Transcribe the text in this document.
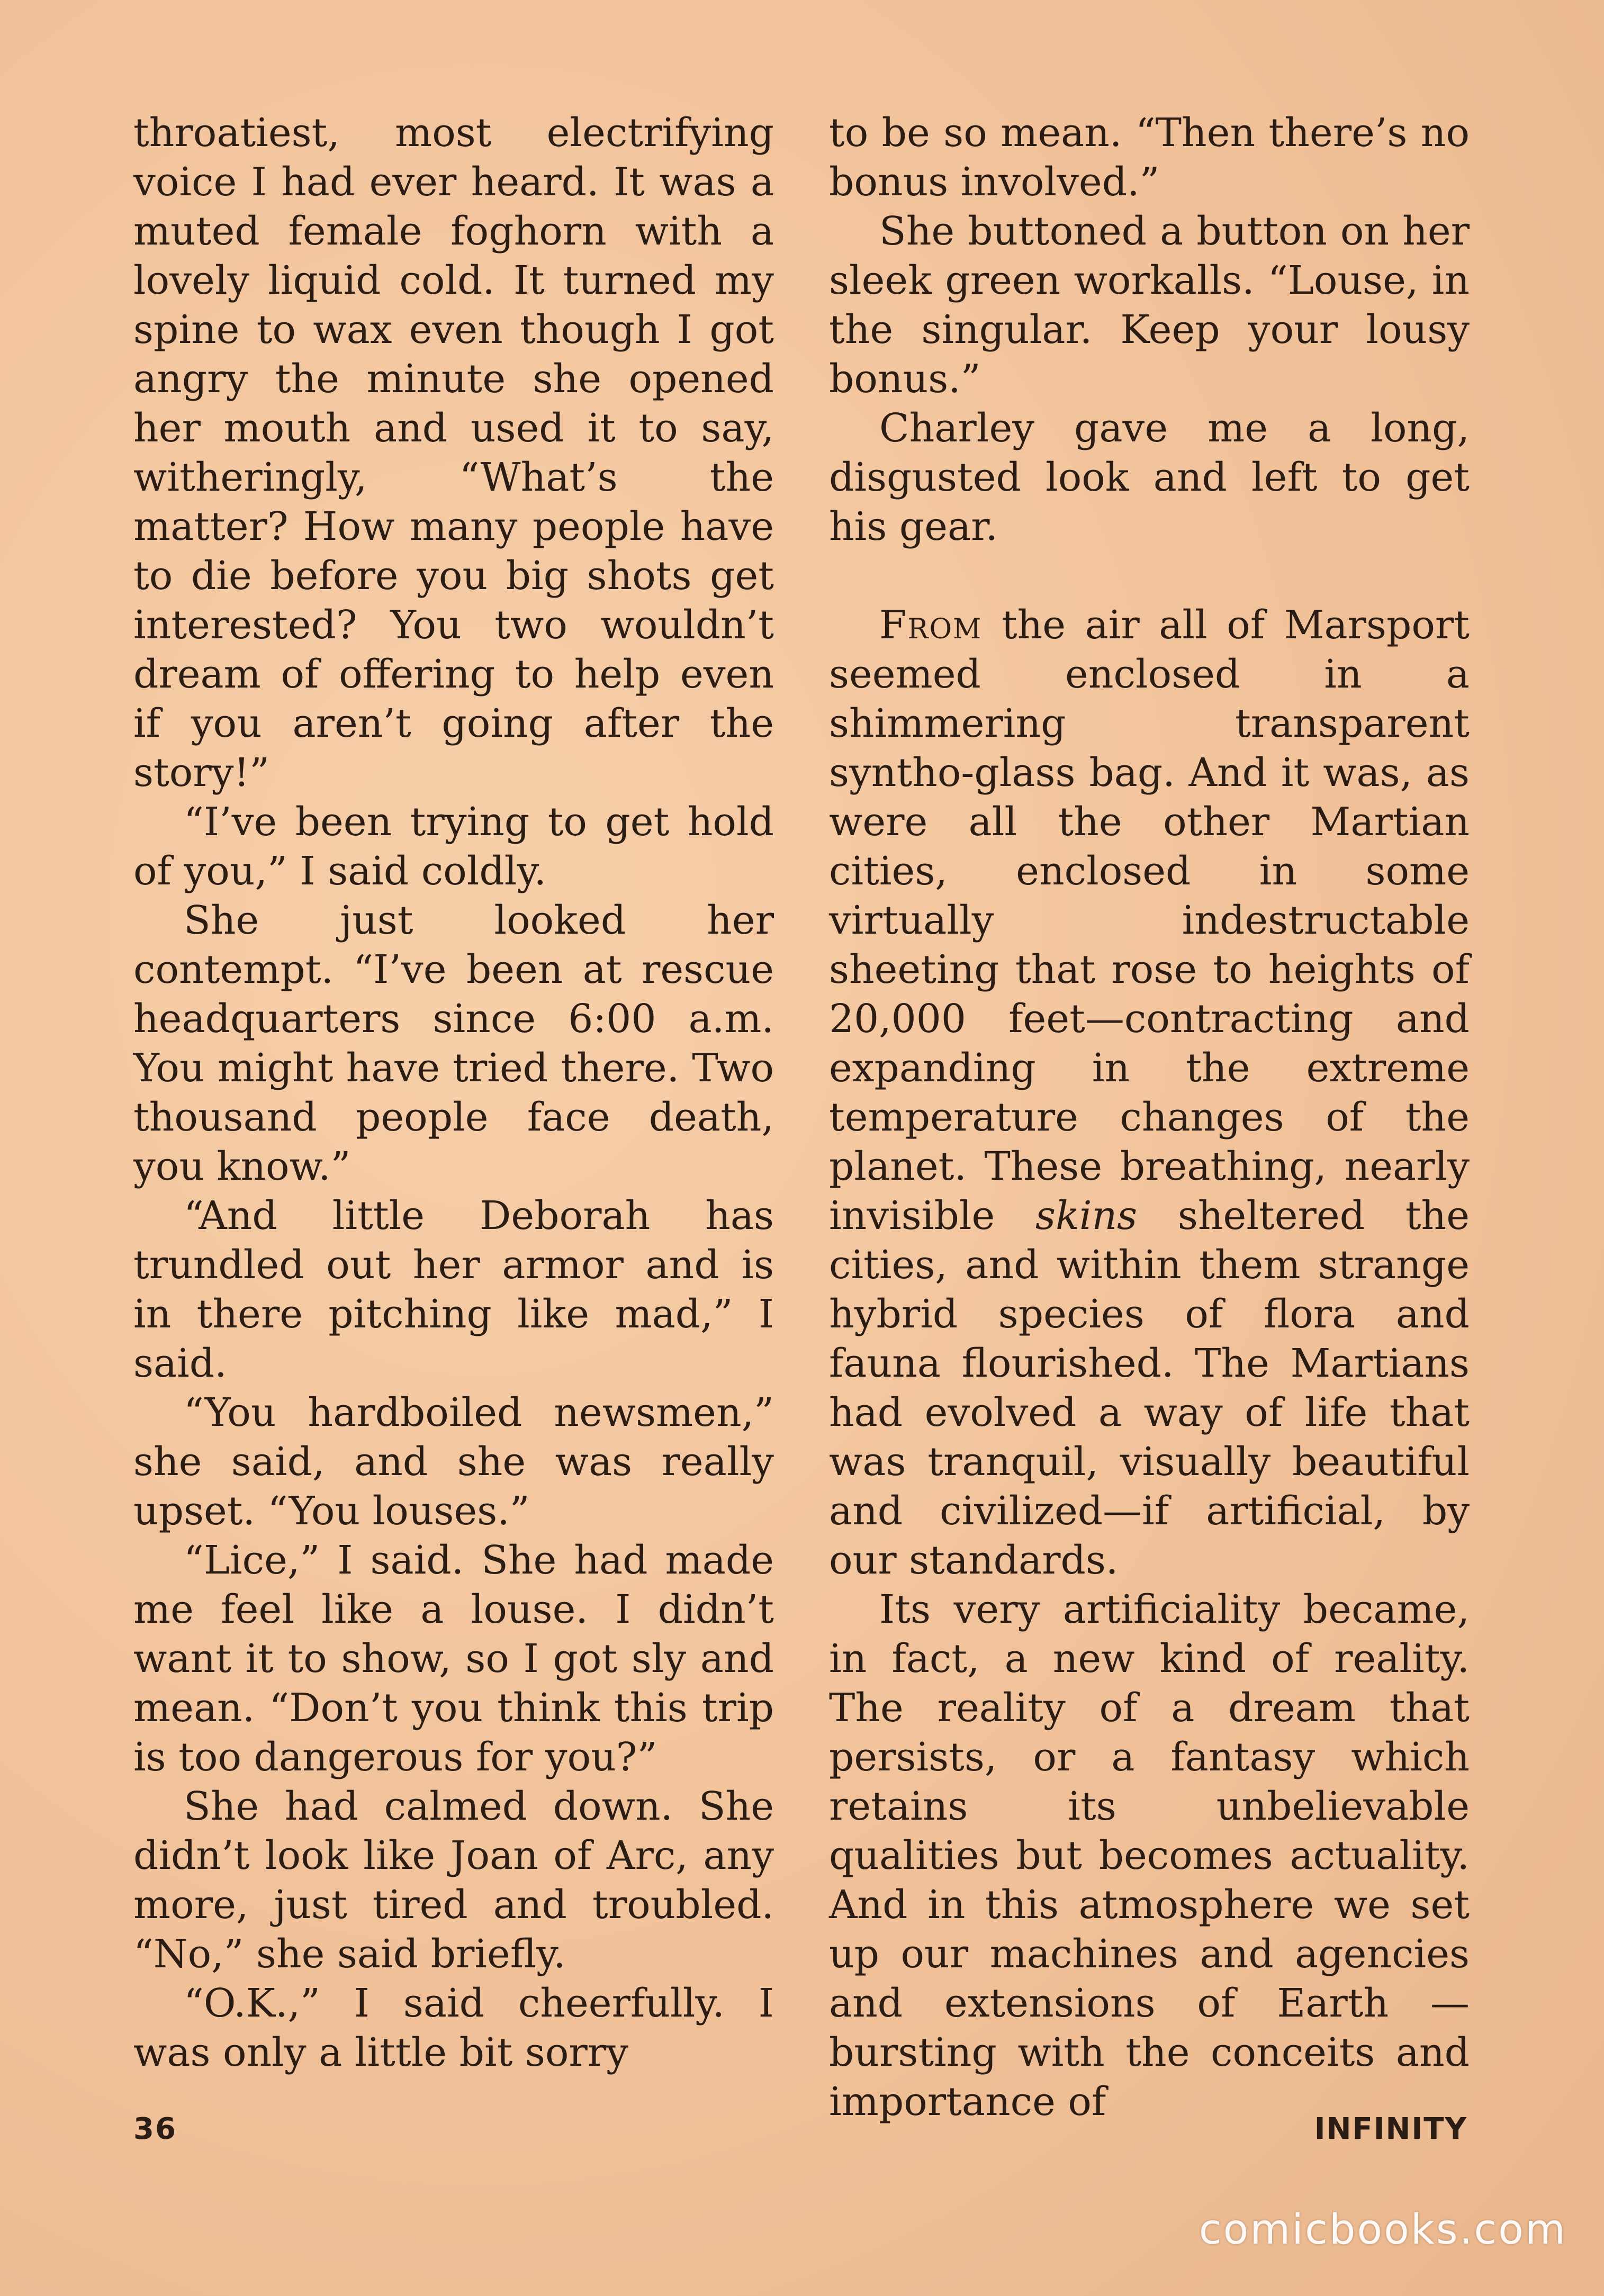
throatiest, most electrifying voice I had ever heard. It was a muted female foghorn with a lovely liquid cold. It turned my spine to wax even though I got angry the minute she opened her mouth and used it to say, witheringly, “What’s the matter? How many people have to die before you big shots get interested? You two wouldn’t dream of offering to help even if you aren’t going after the story!”

“I’ve been trying to get hold of you,” I said coldly.

She just looked her contempt. “I’ve been at rescue headquarters since 6:00 a.m. You might have tried there. Two thousand people face death, you know.”

“And little Deborah has trundled out her armor and is in there pitching like mad,” I said.

“You hardboiled newsmen,” she said, and she was really upset. “You louses.”

“Lice,” I said. She had made me feel like a louse. I didn’t want it to show, so I got sly and mean. “Don’t you think this trip is too dangerous for you?”

She had calmed down. She didn’t look like Joan of Arc, any more, just tired and troubled. “No,” she said briefly.

“O.K.,” I said cheerfully. I was only a little bit sorry

to be so mean. “Then there’s no bonus involved.”

She buttoned a button on her sleek green workalls. “Louse, in the singular. Keep your lousy bonus.”

Charley gave me a long, disgusted look and left to get his gear.

From the air all of Marsport seemed enclosed in a shimmering transparent syntho-glass bag. And it was, as were all the other Martian cities, enclosed in some virtually indestructable sheeting that rose to heights of 20,000 feet—contracting and expanding in the extreme temperature changes of the planet. These breathing, nearly invisible skins sheltered the cities, and within them strange hybrid species of flora and fauna flourished. The Martians had evolved a way of life that was tranquil, visually beautiful and civilized—if artificial, by our standards.

Its very artificiality became, in fact, a new kind of reality. The reality of a dream that persists, or a fantasy which retains its unbelievable qualities but becomes actuality. And in this atmosphere we set up our machines and agencies and extensions of Earth — bursting with the conceits and importance of

36	INFINITY
comicbooks.com
